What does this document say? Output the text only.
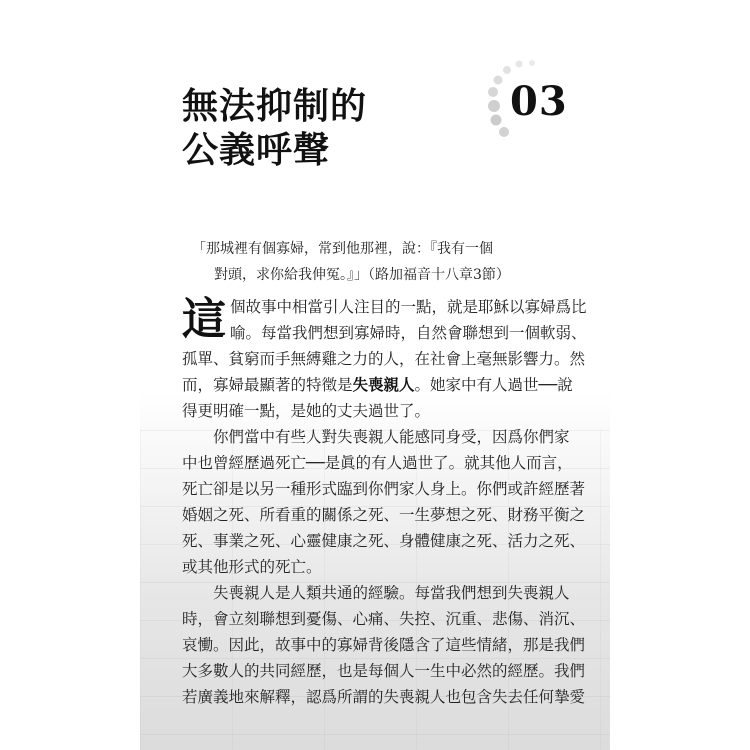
無法抑制的
公義呼聲
03
「那城裡有個寡婦，常到他那裡，說：『我有一個
對頭，求你給我伸冤。』」（路加福音十八章3節）
這 個故事中相當引人注目的一點，就是耶穌以寡婦爲比
喻。每當我們想到寡婦時，自然會聯想到一個軟弱、
孤單、貧窮而手無縛雞之力的人，在社會上毫無影響力。然
而，寡婦最顯著的特徵是失喪親人。她家中有人過世──說
得更明確一點，是她的丈夫過世了。
你們當中有些人對失喪親人能感同身受，因爲你們家
中也曾經歷過死亡──是眞的有人過世了。就其他人而言，
死亡卻是以另一種形式臨到你們家人身上。你們或許經歷著
婚姻之死、所看重的關係之死、一生夢想之死、財務平衡之
死、事業之死、心靈健康之死、身體健康之死、活力之死、
或其他形式的死亡。
失喪親人是人類共通的經驗。每當我們想到失喪親人
時，會立刻聯想到憂傷、心痛、失控、沉重、悲傷、消沉、
哀慟。因此，故事中的寡婦背後隱含了這些情緒，那是我們
大多數人的共同經歷，也是每個人一生中必然的經歷。我們
若廣義地來解釋，認爲所謂的失喪親人也包含失去任何摯愛
